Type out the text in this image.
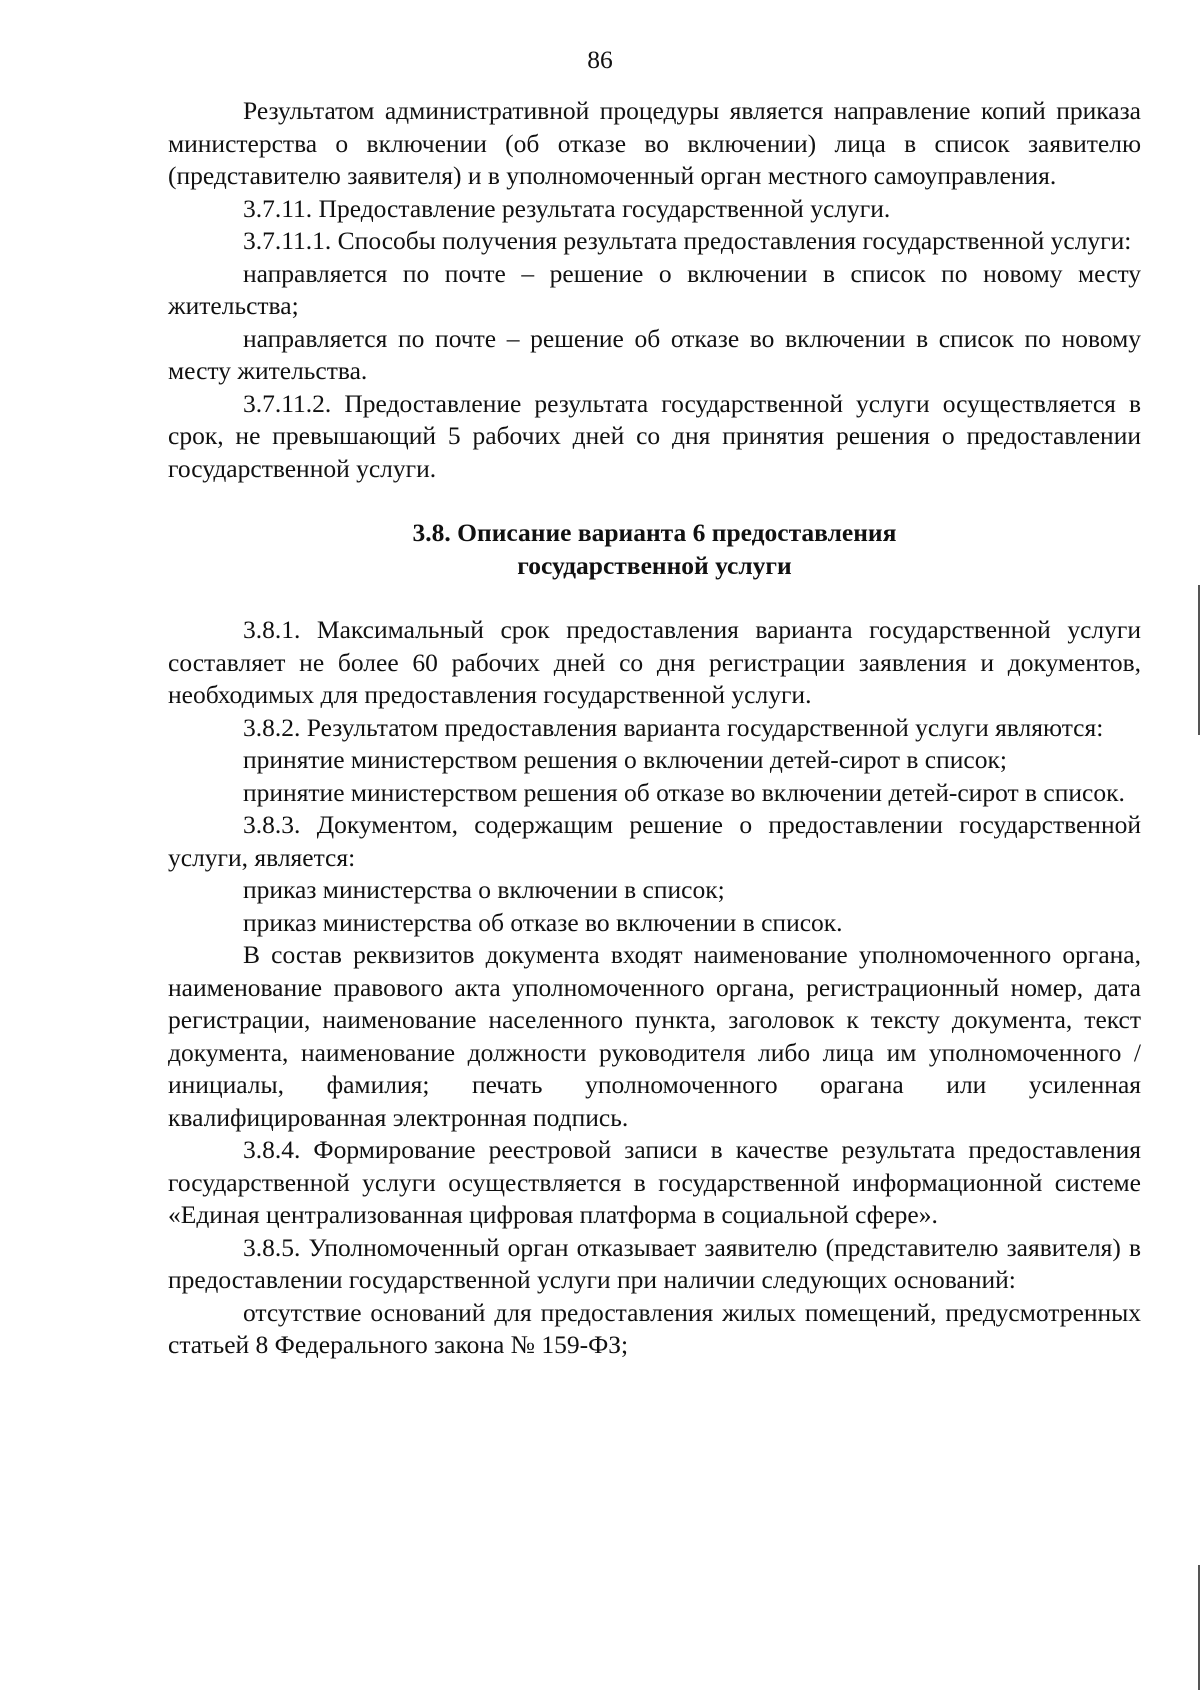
86

Результатом административной процедуры является направление копий приказа министерства о включении (об отказе во включении) лица в список заявителю (представителю заявителя) и в уполномоченный орган местного самоуправления.

3.7.11. Предоставление результата государственной услуги.

3.7.11.1. Способы получения результата предоставления государственной услуги:

направляется по почте – решение о включении в список по новому месту жительства;

направляется по почте – решение об отказе во включении в список по новому месту жительства.

3.7.11.2. Предоставление результата государственной услуги осуществляется в срок, не превышающий 5 рабочих дней со дня принятия решения о предоставлении государственной услуги.

3.8. Описание варианта 6 предоставления
государственной услуги

3.8.1. Максимальный срок предоставления варианта государственной услуги составляет не более 60 рабочих дней со дня регистрации заявления и документов, необходимых для предоставления государственной услуги.

3.8.2. Результатом предоставления варианта государственной услуги являются:

принятие министерством решения о включении детей-сирот в список;

принятие министерством решения об отказе во включении детей-сирот в список.

3.8.3. Документом, содержащим решение о предоставлении государственной услуги, является:

приказ министерства о включении в список;

приказ министерства об отказе во включении в список.

В состав реквизитов документа входят наименование уполномоченного органа, наименование правового акта уполномоченного органа, регистрационный номер, дата регистрации, наименование населенного пункта, заголовок к тексту документа, текст документа, наименование должности руководителя либо лица им уполномоченного / инициалы, фамилия; печать уполномоченного орагана или усиленная квалифицированная электронная подпись.

3.8.4. Формирование реестровой записи в качестве результата предоставления государственной услуги осуществляется в государственной информационной системе «Единая централизованная цифровая платформа в социальной сфере».

3.8.5. Уполномоченный орган отказывает заявителю (представителю заявителя) в предоставлении государственной услуги при наличии следующих оснований:

отсутствие оснований для предоставления жилых помещений, предусмотренных статьей 8 Федерального закона № 159-ФЗ;
